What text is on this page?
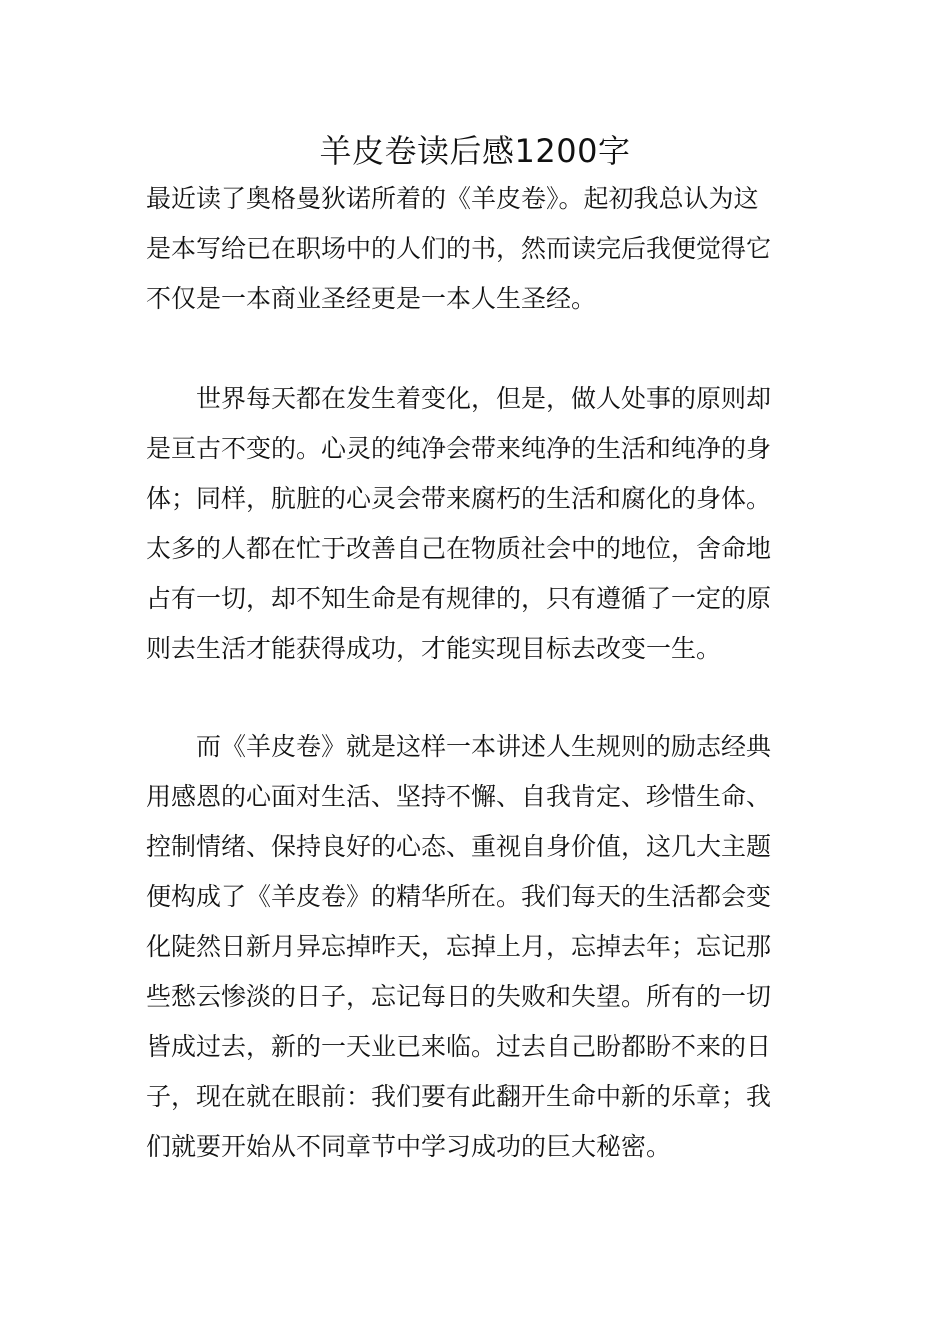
羊皮卷读后感1200字

最近读了奥格曼狄诺所着的《羊皮卷》。起初我总认为这

是本写给已在职场中的人们的书，然而读完后我便觉得它

不仅是一本商业圣经更是一本人生圣经。

世界每天都在发生着变化，但是，做人处事的原则却

是亘古不变的。心灵的纯净会带来纯净的生活和纯净的身

体；同样，肮脏的心灵会带来腐朽的生活和腐化的身体。

太多的人都在忙于改善自己在物质社会中的地位，舍命地

占有一切，却不知生命是有规律的，只有遵循了一定的原

则去生活才能获得成功，才能实现目标去改变一生。

而《羊皮卷》就是这样一本讲述人生规则的励志经典

用感恩的心面对生活、坚持不懈、自我肯定、珍惜生命、

控制情绪、保持良好的心态、重视自身价值，这几大主题

便构成了《羊皮卷》的精华所在。我们每天的生活都会变

化陡然日新月异忘掉昨天，忘掉上月，忘掉去年；忘记那

些愁云惨淡的日子，忘记每日的失败和失望。所有的一切

皆成过去，新的一天业已来临。过去自己盼都盼不来的日

子，现在就在眼前：我们要有此翻开生命中新的乐章；我

们就要开始从不同章节中学习成功的巨大秘密。
